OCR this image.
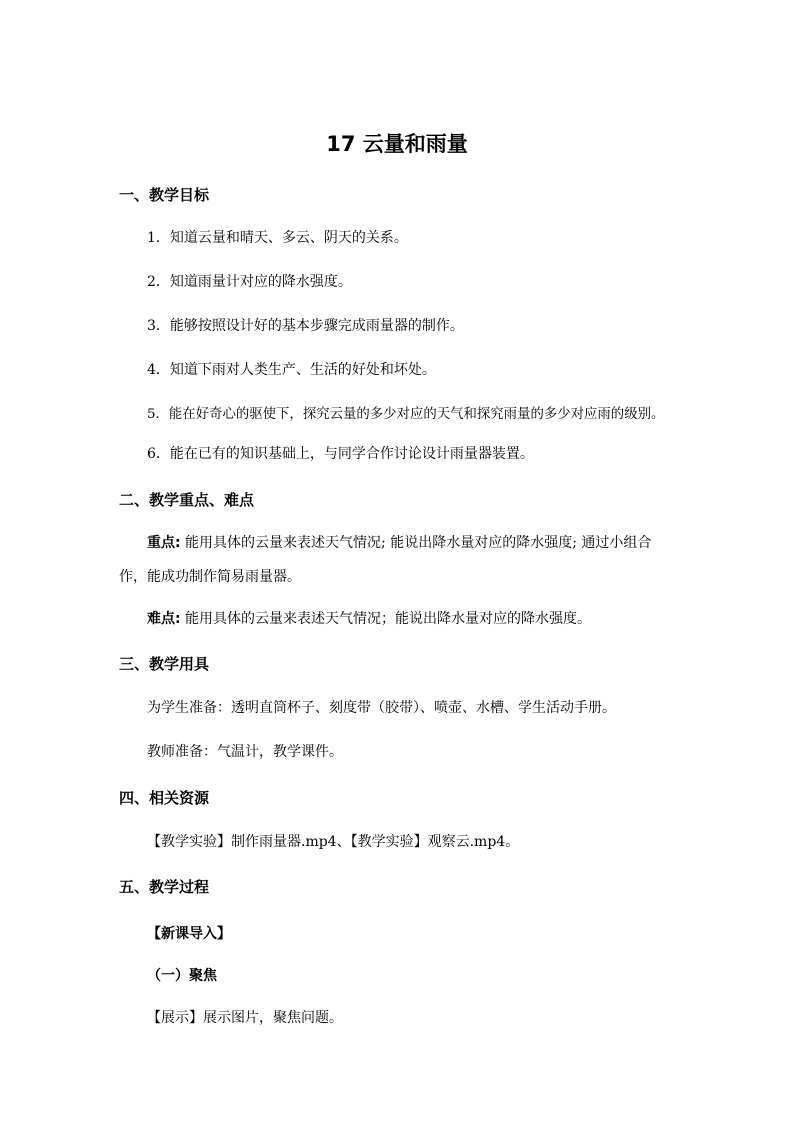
17 云量和雨量
一、教学目标
1．知道云量和晴天、多云、阴天的关系。
2．知道雨量计对应的降水强度。
3．能够按照设计好的基本步骤完成雨量器的制作。
4．知道下雨对人类生产、生活的好处和坏处。
5．能在好奇心的驱使下，探究云量的多少对应的天气和探究雨量的多少对应雨的级别。
6．能在已有的知识基础上，与同学合作讨论设计雨量器装置。
二、教学重点、难点
重点: 能用具体的云量来表述天气情况; 能说出降水量对应的降水强度; 通过小组合作，能成功制作简易雨量器。
难点: 能用具体的云量来表述天气情况；能说出降水量对应的降水强度。
三、教学用具
为学生准备：透明直筒杯子、刻度带（胶带）、喷壶、水槽、学生活动手册。
教师准备：气温计，教学课件。
四、相关资源
【教学实验】制作雨量器.mp4、【教学实验】观察云.mp4。
五、教学过程
【新课导入】
（一）聚焦
【展示】展示图片，聚焦问题。
